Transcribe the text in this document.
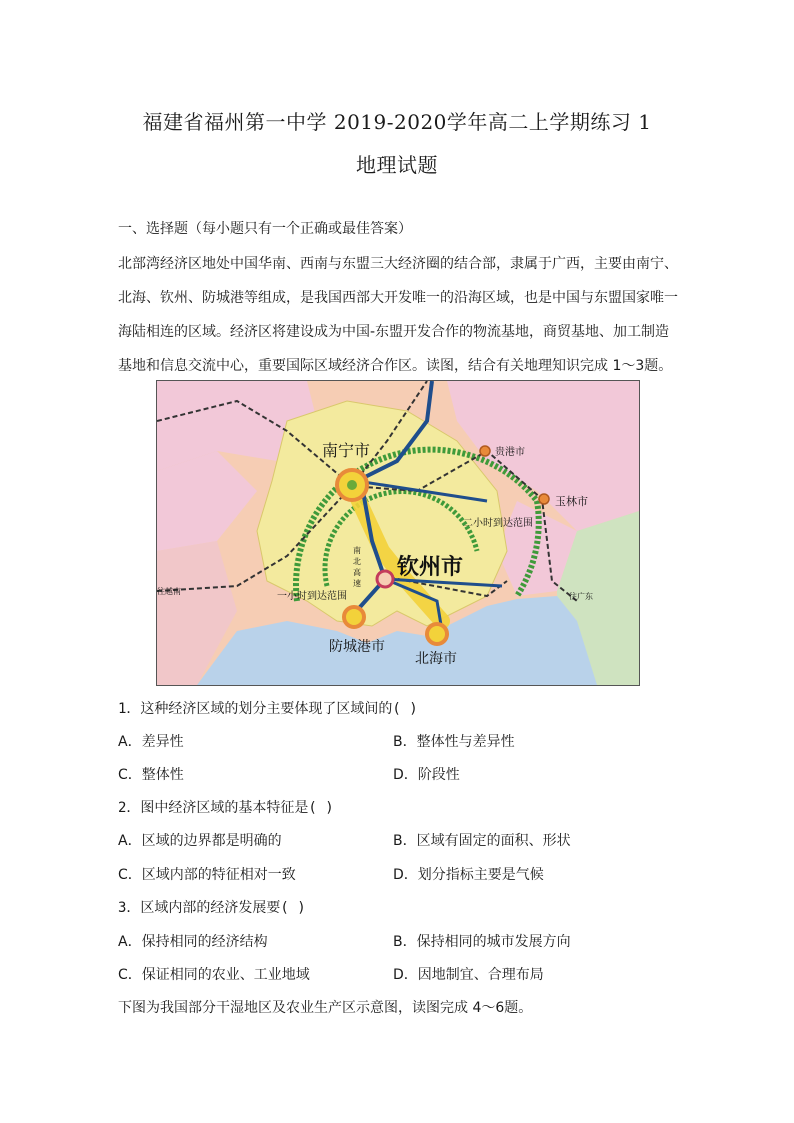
福建省福州第一中学 2019-2020学年高二上学期练习 1
地理试题
一、选择题（每小题只有一个正确或最佳答案）
北部湾经济区地处中国华南、西南与东盟三大经济圈的结合部，隶属于广西，主要由南宁、
北海、钦州、防城港等组成，是我国西部大开发唯一的沿海区域，也是中国与东盟国家唯一
海陆相连的区域。经济区将建设成为中国-东盟开发合作的物流基地，商贸基地、加工制造
基地和信息交流中心，重要国际区域经济合作区。读图，结合有关地理知识完成 1～3题。
南宁市
钦州市
防城港市
北海市
贵港市
玉林市
二小时到达范围
一小时到达范围
南
北
高
速
往越南
往广东
1．这种经济区域的划分主要体现了区域间的( )
A．差异性	B．整体性与差异性
C．整体性	D．阶段性
2．图中经济区域的基本特征是( )
A．区域的边界都是明确的	B．区域有固定的面积、形状
C．区域内部的特征相对一致	D．划分指标主要是气候
3．区域内部的经济发展要( )
A．保持相同的经济结构	B．保持相同的城市发展方向
C．保证相同的农业、工业地域	D．因地制宜、合理布局
下图为我国部分干湿地区及农业生产区示意图，读图完成 4～6题。
